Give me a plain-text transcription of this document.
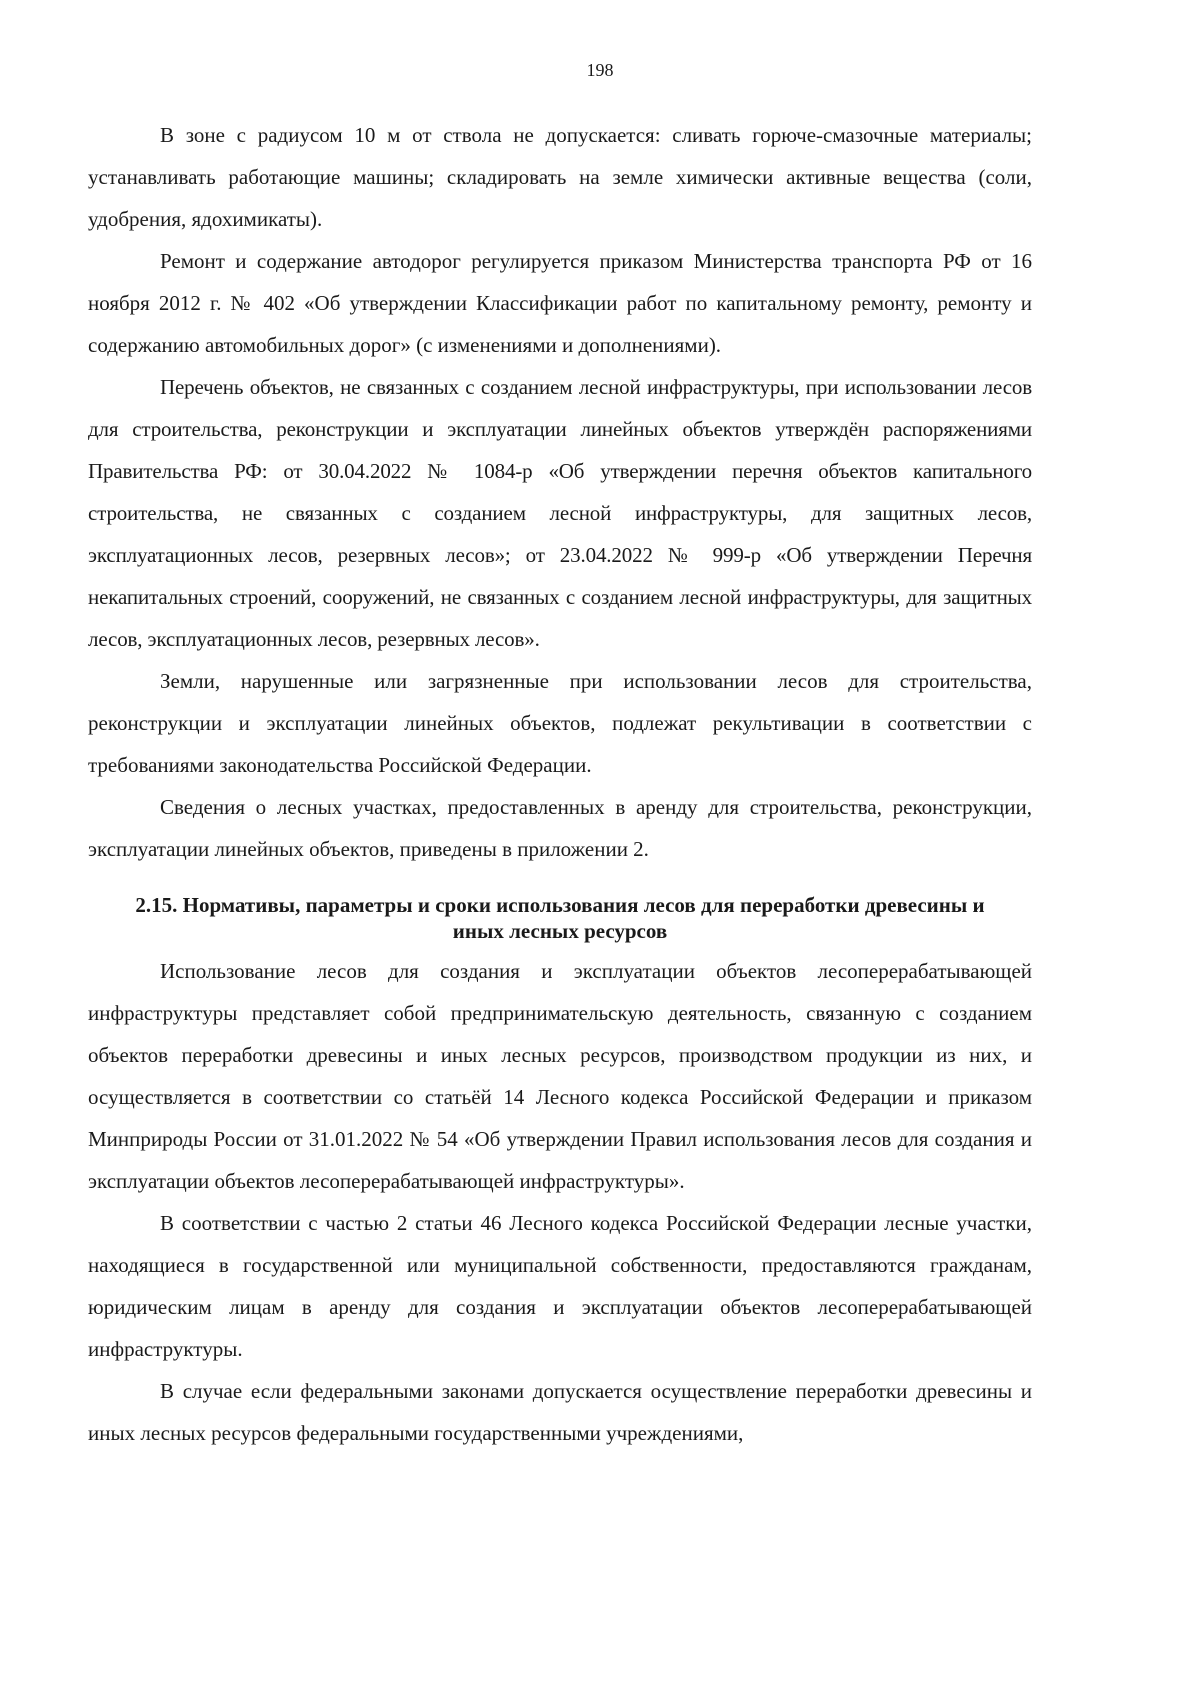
198

В зоне с радиусом 10 м от ствола не допускается: сливать горюче-смазочные материалы; устанавливать работающие машины; складировать на земле химически активные вещества (соли, удобрения, ядохимикаты).

Ремонт и содержание автодорог регулируется приказом Министерства транспорта РФ от 16 ноября 2012 г. № 402 «Об утверждении Классификации работ по капитальному ремонту, ремонту и содержанию автомобильных дорог» (с изменениями и дополнениями).

Перечень объектов, не связанных с созданием лесной инфраструктуры, при использовании лесов для строительства, реконструкции и эксплуатации линейных объектов утверждён распоряжениями Правительства РФ: от 30.04.2022 № 1084-р «Об утверждении перечня объектов капитального строительства, не связанных с созданием лесной инфраструктуры, для защитных лесов, эксплуатационных лесов, резервных лесов»; от 23.04.2022 № 999-р «Об утверждении Перечня некапитальных строений, сооружений, не связанных с созданием лесной инфраструктуры, для защитных лесов, эксплуатационных лесов, резервных лесов».

Земли, нарушенные или загрязненные при использовании лесов для строительства, реконструкции и эксплуатации линейных объектов, подлежат рекультивации в соответствии с требованиями законодательства Российской Федерации.

Сведения о лесных участках, предоставленных в аренду для строительства, реконструкции, эксплуатации линейных объектов, приведены в приложении 2.

2.15. Нормативы, параметры и сроки использования лесов для переработки древесины и иных лесных ресурсов

Использование лесов для создания и эксплуатации объектов лесоперерабатывающей инфраструктуры представляет собой предпринимательскую деятельность, связанную с созданием объектов переработки древесины и иных лесных ресурсов, производством продукции из них, и осуществляется в соответствии со статьёй 14 Лесного кодекса Российской Федерации и приказом Минприроды России от 31.01.2022 № 54 «Об утверждении Правил использования лесов для создания и эксплуатации объектов лесоперерабатывающей инфраструктуры».

В соответствии с частью 2 статьи 46 Лесного кодекса Российской Федерации лесные участки, находящиеся в государственной или муниципальной собственности, предоставляются гражданам, юридическим лицам в аренду для создания и эксплуатации объектов лесоперерабатывающей инфраструктуры.

В случае если федеральными законами допускается осуществление переработки древесины и иных лесных ресурсов федеральными государственными учреждениями,
